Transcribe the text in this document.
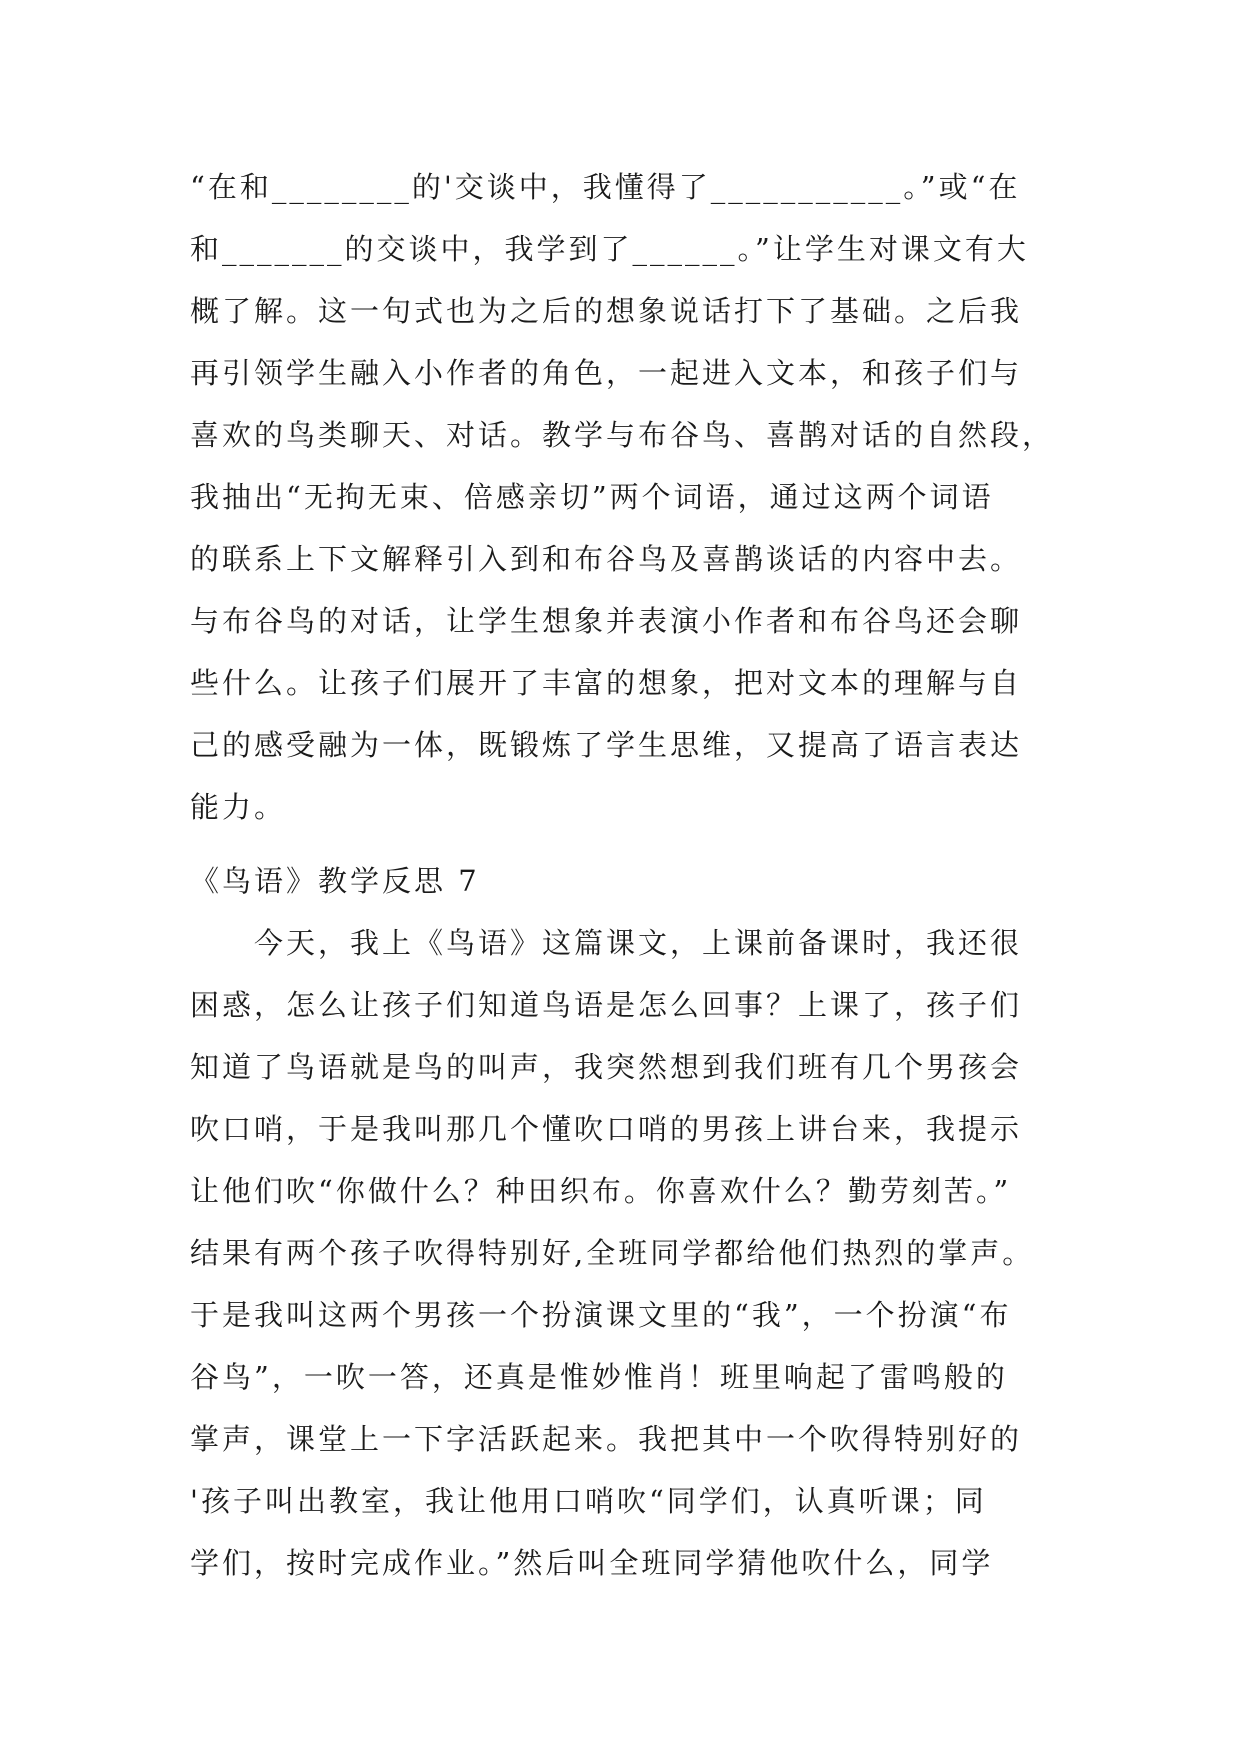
“在和________的'交谈中，我懂得了___________。”或“在
和_______的交谈中，我学到了______。”让学生对课文有大
概了解。这一句式也为之后的想象说话打下了基础。之后我
再引领学生融入小作者的角色，一起进入文本，和孩子们与
喜欢的鸟类聊天、对话。教学与布谷鸟、喜鹊对话的自然段，
我抽出“无拘无束、倍感亲切”两个词语，通过这两个词语
的联系上下文解释引入到和布谷鸟及喜鹊谈话的内容中去。
与布谷鸟的对话，让学生想象并表演小作者和布谷鸟还会聊
些什么。让孩子们展开了丰富的想象，把对文本的理解与自
己的感受融为一体，既锻炼了学生思维，又提高了语言表达
能力。
《鸟语》教学反思 7
　　今天，我上《鸟语》这篇课文，上课前备课时，我还很
困惑，怎么让孩子们知道鸟语是怎么回事？上课了，孩子们
知道了鸟语就是鸟的叫声，我突然想到我们班有几个男孩会
吹口哨，于是我叫那几个懂吹口哨的男孩上讲台来，我提示
让他们吹“你做什么？种田织布。你喜欢什么？勤劳刻苦。”
结果有两个孩子吹得特别好,全班同学都给他们热烈的掌声。
于是我叫这两个男孩一个扮演课文里的“我”，一个扮演“布
谷鸟”，一吹一答，还真是惟妙惟肖！班里响起了雷鸣般的
掌声，课堂上一下字活跃起来。我把其中一个吹得特别好的
'孩子叫出教室，我让他用口哨吹“同学们，认真听课；同
学们，按时完成作业。”然后叫全班同学猜他吹什么，同学
